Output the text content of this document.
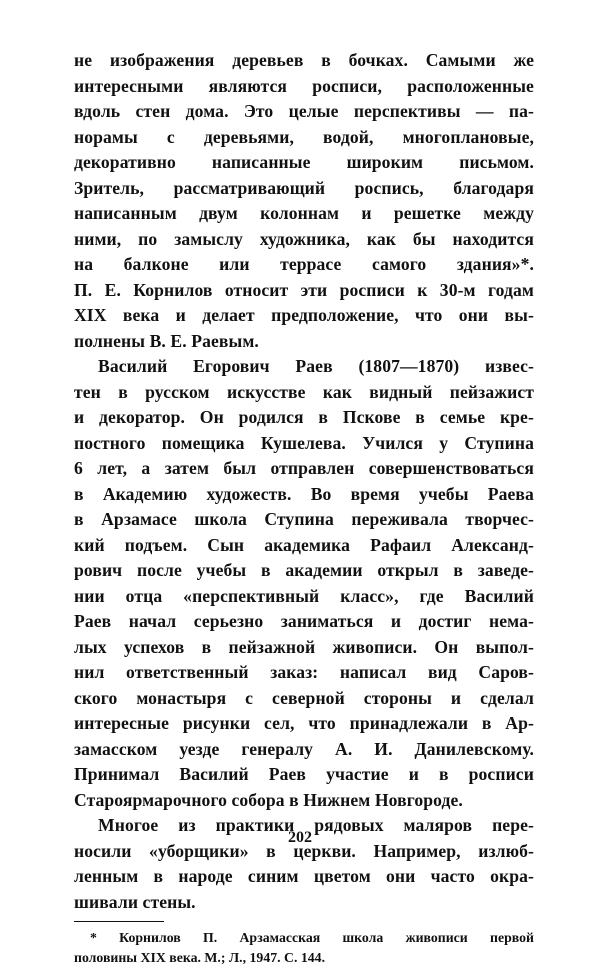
не изображения деревьев в бочках. Самыми же
интересными являются росписи, расположенные
вдоль стен дома. Это целые перспективы — па-
норамы с деревьями, водой, многоплановые,
декоративно написанные широким письмом.
Зритель, рассматривающий роспись, благодаря
написанным двум колоннам и решетке между
ними, по замыслу художника, как бы находится
на балконе или террасе самого здания»*.
П. Е. Корнилов относит эти росписи к 30-м годам
XIX века и делает предположение, что они вы-
полнены В. Е. Раевым.
Василий Егорович Раев (1807—1870) извес-
тен в русском искусстве как видный пейзажист
и декоратор. Он родился в Пскове в семье кре-
постного помещика Кушелева. Учился у Ступина
6 лет, а затем был отправлен совершенствоваться
в Академию художеств. Во время учебы Раева
в Арзамасе школа Ступина переживала творчес-
кий подъем. Сын академика Рафаил Александ-
рович после учебы в академии открыл в заведе-
нии отца «перспективный класс», где Василий
Раев начал серьезно заниматься и достиг нема-
лых успехов в пейзажной живописи. Он выпол-
нил ответственный заказ: написал вид Саров-
ского монастыря с северной стороны и сделал
интересные рисунки сел, что принадлежали в Ар-
замасском уезде генералу А. И. Данилевскому.
Принимал Василий Раев участие и в росписи
Староярмарочного собора в Нижнем Новгороде.
Многое из практики рядовых маляров пере-
носили «уборщики» в церкви. Например, излюб-
ленным в народе синим цветом они часто окра-
шивали стены.
* Корнилов П. Арзамасская школа живописи первой
половины XIX века. М.; Л., 1947. С. 144.
202
